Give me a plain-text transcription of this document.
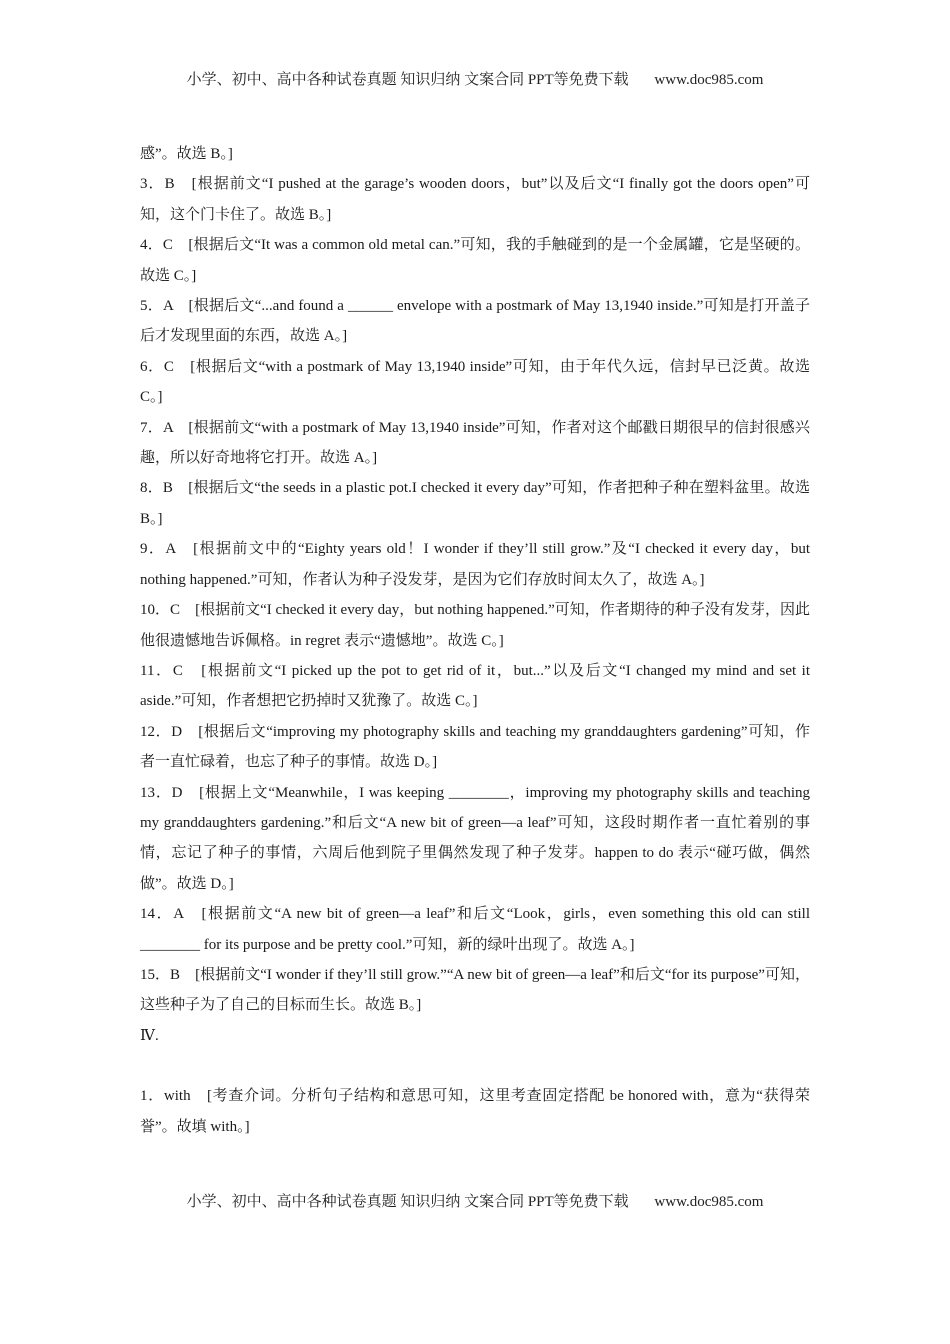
小学、初中、高中各种试卷真题 知识归纳 文案合同 PPT等免费下载 www.doc985.com

感”。故选 B。]

3．B　[根据前文“I pushed at the garage’s wooden doors，but”以及后文“I finally got the doors open”可知，这个门卡住了。故选 B。]

4．C　[根据后文“It was a common old metal can.”可知，我的手触碰到的是一个金属罐，它是坚硬的。故选 C。]

5．A　[根据后文“...and found a ______ envelope with a postmark of May 13,1940 inside.”可知是打开盖子后才发现里面的东西，故选 A。]

6．C　[根据后文“with a postmark of May 13,1940 inside”可知，由于年代久远，信封早已泛黄。故选 C。]

7．A　[根据前文“with a postmark of May 13,1940 inside”可知，作者对这个邮戳日期很早的信封很感兴趣，所以好奇地将它打开。故选 A。]

8．B　[根据后文“the seeds in a plastic pot.I checked it every day”可知，作者把种子种在塑料盆里。故选 B。]

9．A　[根据前文中的“Eighty years old！I wonder if they’ll still grow.”及“I checked it every day，but nothing happened.”可知，作者认为种子没发芽，是因为它们存放时间太久了，故选 A。]

10．C　[根据前文“I checked it every day，but nothing happened.”可知，作者期待的种子没有发芽，因此他很遗憾地告诉佩格。in regret 表示“遗憾地”。故选 C。]

11．C　[根据前文“I picked up the pot to get rid of it，but...”以及后文“I changed my mind and set it aside.”可知，作者想把它扔掉时又犹豫了。故选 C。]

12．D　[根据后文“improving my photography skills and teaching my granddaughters gardening”可知，作者一直忙碌着，也忘了种子的事情。故选 D。]

13．D　[根据上文“Meanwhile，I was keeping ________，improving my photography skills and teaching my granddaughters gardening.”和后文“A new bit of green—a leaf”可知，这段时期作者一直忙着别的事情，忘记了种子的事情，六周后他到院子里偶然发现了种子发芽。happen to do 表示“碰巧做，偶然做”。故选 D。]

14．A　[根据前文“A new bit of green—a leaf”和后文“Look，girls，even something this old can still ________ for its purpose and be pretty cool.”可知，新的绿叶出现了。故选 A。]

15．B　[根据前文“I wonder if they’ll still grow.”“A new bit of green—a leaf”和后文“for its purpose”可知，这些种子为了自己的目标而生长。故选 B。]

Ⅳ.

1．with　[考查介词。分析句子结构和意思可知，这里考查固定搭配 be honored with，意为“获得荣誉”。故填 with。]

小学、初中、高中各种试卷真题 知识归纳 文案合同 PPT等免费下载 www.doc985.com
